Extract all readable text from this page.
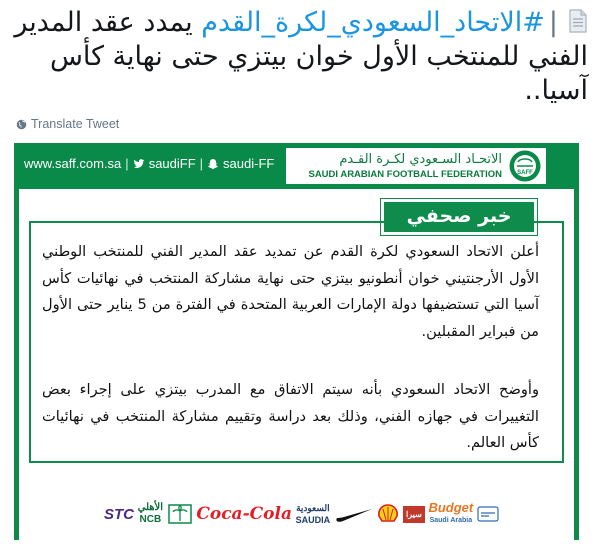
|#الاتحاد_السعودي_لكرة_القدم يمدد عقد المدير الفني للمنتخب الأول خوان بيتزي حتى نهاية كأس آسيا..
Translate Tweet
www.saff.com.sa | saudiFF | saudi-FF
SAFF
الاتحـاد السـعودي لكـرة القـدم
SAUDI ARABIAN FOOTBALL FEDERATION
خبر صحفي
أعلن الاتحاد السعودي لكرة القدم عن تمديد عقد المدير الفني للمنتخب الوطني الأول الأرجنتيني خوان أنطونيو بيتزي حتى نهاية مشاركة المنتخب في نهائيات كأس آسيا التي تستضيفها دولة الإمارات العربية المتحدة في الفترة من 5 يناير حتى الأول من فبراير المقبلين.
وأوضح الاتحاد السعودي بأنه سيتم الاتفاق مع المدرب بيتزي على إجراء بعض التغييرات في جهازه الفني، وذلك بعد دراسة وتقييم مشاركة المنتخب في نهائيات كأس العالم.
STC الأهلي
NCB Coca-Cola السعودية
SAUDIA
سيرا Budget
Saudi Arabia
